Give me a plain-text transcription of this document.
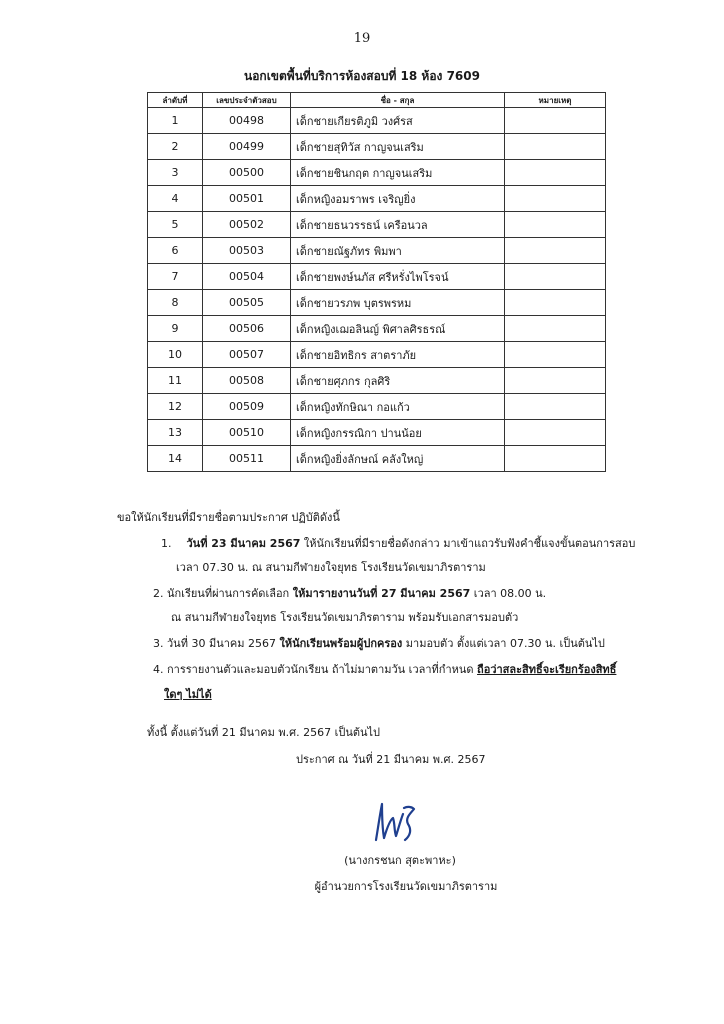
19
นอกเขตพื้นที่บริการห้องสอบที่ 18 ห้อง 7609
ลำดับที่	เลขประจำตัวสอบ	ชื่อ - สกุล	หมายเหตุ
1	00498	เด็กชายเกียรติภูมิ วงศ์รส	
2	00499	เด็กชายสุทิวัส กาญจนเสริม	
3	00500	เด็กชายชินกฤต กาญจนเสริม	
4	00501	เด็กหญิงอมราพร เจริญยิ่ง	
5	00502	เด็กชายธนวรรธน์ เครือนวล	
6	00503	เด็กชายณัฐภัทร พิมพา	
7	00504	เด็กชายพงษ์นภัส ศรีหรั่งไพโรจน์	
8	00505	เด็กชายวรภพ บุตรพรหม	
9	00506	เด็กหญิงเฌอลินญ์ พิศาลศิรธรณ์	
10	00507	เด็กชายอิทธิกร สาตราภัย	
11	00508	เด็กชายศุภกร กุลศิริ	
12	00509	เด็กหญิงทักษิณา กอแก้ว	
13	00510	เด็กหญิงกรรณิกา ปานน้อย	
14	00511	เด็กหญิงยิ่งลักษณ์ คลังใหญ่	
ขอให้นักเรียนที่มีรายชื่อตามประกาศ ปฏิบัติดังนี้
1. วันที่ 23 มีนาคม 2567 ให้นักเรียนที่มีรายชื่อดังกล่าว มาเข้าแถวรับฟังคำชี้แจงขั้นตอนการสอบ
เวลา 07.30 น. ณ สนามกีฬายงใจยุทธ โรงเรียนวัดเขมาภิรตาราม
2. นักเรียนที่ผ่านการคัดเลือก ให้มารายงานวันที่ 27 มีนาคม 2567 เวลา 08.00 น.
ณ สนามกีฬายงใจยุทธ โรงเรียนวัดเขมาภิรตาราม พร้อมรับเอกสารมอบตัว
3. วันที่ 30 มีนาคม 2567 ให้นักเรียนพร้อมผู้ปกครอง มามอบตัว ตั้งแต่เวลา 07.30 น. เป็นต้นไป
4. การรายงานตัวและมอบตัวนักเรียน ถ้าไม่มาตามวัน เวลาที่กำหนด ถือว่าสละสิทธิ์จะเรียกร้องสิทธิ์
ใดๆ ไม่ได้
ทั้งนี้ ตั้งแต่วันที่ 21 มีนาคม พ.ศ. 2567 เป็นต้นไป
ประกาศ ณ วันที่ 21 มีนาคม พ.ศ. 2567
(นางกรชนก สุตะพาหะ)
ผู้อำนวยการโรงเรียนวัดเขมาภิรตาราม
